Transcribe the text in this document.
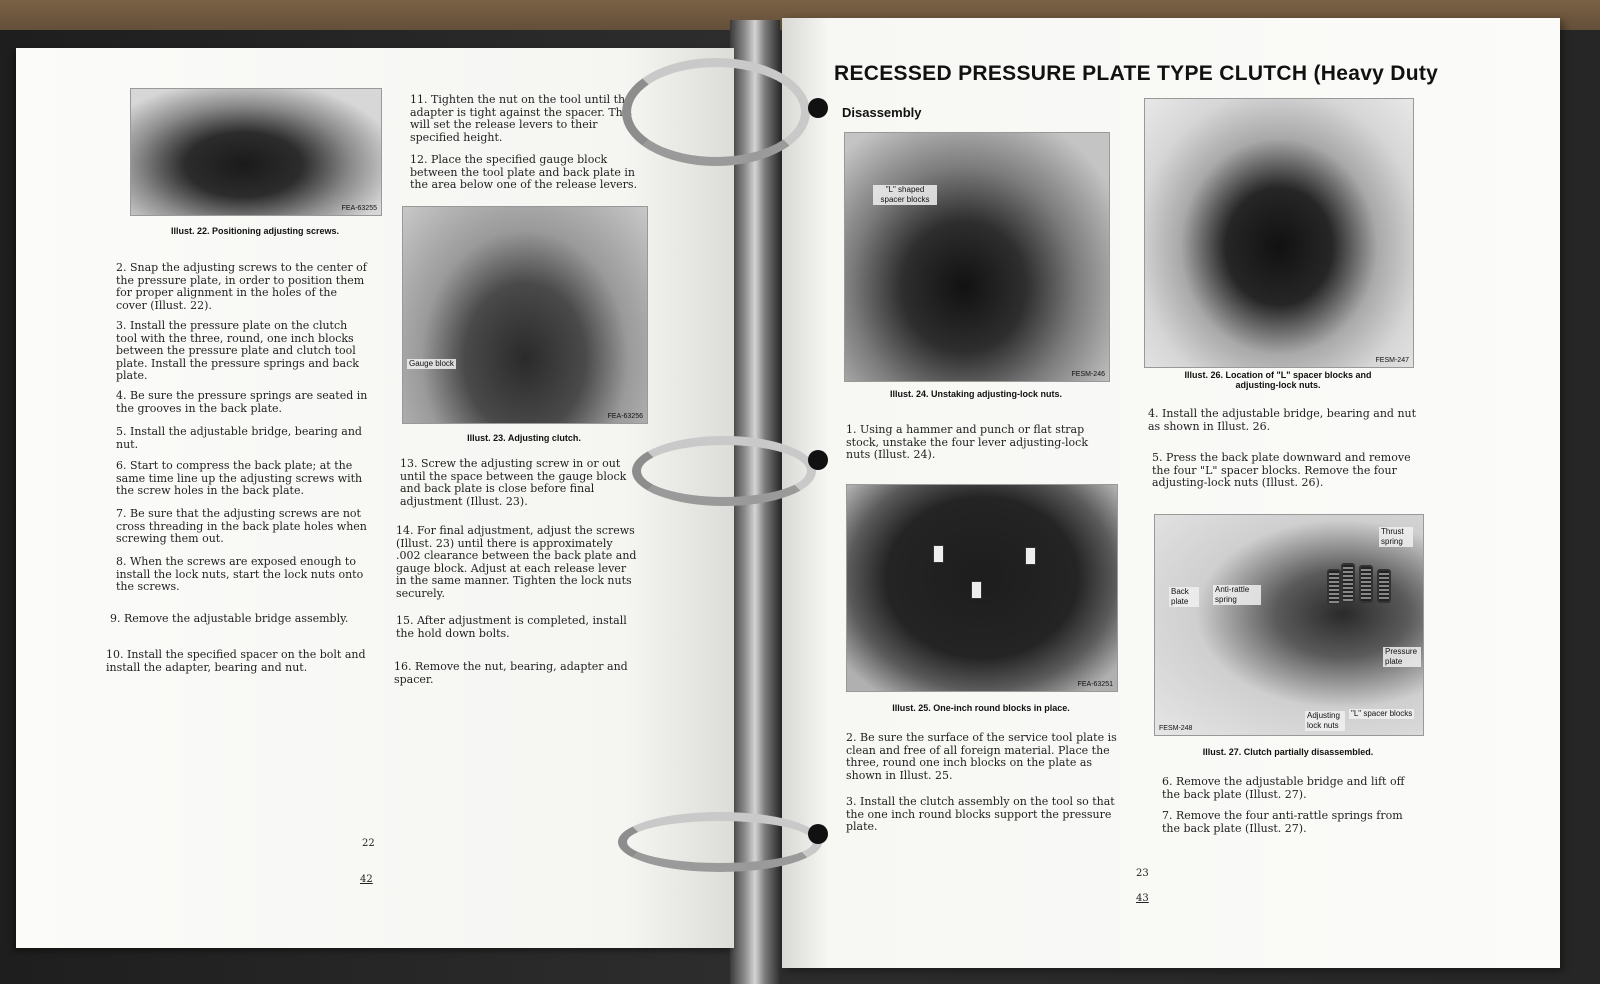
FEA-63255
Illust. 22. Positioning adjusting screws.
2. Snap the adjusting screws to the center of the pressure plate, in order to position them for proper alignment in the holes of the cover (Illust. 22).
3. Install the pressure plate on the clutch tool with the three, round, one inch blocks between the pressure plate and clutch tool plate. Install the pressure springs and back plate.
4. Be sure the pressure springs are seated in the grooves in the back plate.
5. Install the adjustable bridge, bearing and nut.
6. Start to compress the back plate; at the same time line up the adjusting screws with the screw holes in the back plate.
7. Be sure that the adjusting screws are not cross threading in the back plate holes when screwing them out.
8. When the screws are exposed enough to install the lock nuts, start the lock nuts onto the screws.
9. Remove the adjustable bridge assembly.
10. Install the specified spacer on the bolt and install the adapter, bearing and nut.
11. Tighten the nut on the tool until the adapter is tight against the spacer. This will set the release levers to their specified height.
12. Place the specified gauge block between the tool plate and back plate in the area below one of the release levers.
Gauge block
FEA-63256
Illust. 23. Adjusting clutch.
13. Screw the adjusting screw in or out until the space between the gauge block and back plate is close before final adjustment (Illust. 23).
14. For final adjustment, adjust the screws (Illust. 23) until there is approximately .002 clearance between the back plate and gauge block. Adjust at each release lever in the same manner. Tighten the lock nuts securely.
15. After adjustment is completed, install the hold down bolts.
16. Remove the nut, bearing, adapter and spacer.
22
42
RECESSED PRESSURE PLATE TYPE CLUTCH (Heavy Duty
Disassembly
"L" shaped spacer blocks
FESM-246
Illust. 24. Unstaking adjusting-lock nuts.
1. Using a hammer and punch or flat strap stock, unstake the four lever adjusting-lock nuts (Illust. 24).
FEA-63251
Illust. 25. One-inch round blocks in place.
2. Be sure the surface of the service tool plate is clean and free of all foreign material. Place the three, round one inch blocks on the plate as shown in Illust. 25.
3. Install the clutch assembly on the tool so that the one inch round blocks support the pressure plate.
FESM-247
Illust. 26. Location of "L" spacer blocks and adjusting-lock nuts.
4. Install the adjustable bridge, bearing and nut as shown in Illust. 26.
5. Press the back plate downward and remove the four "L" spacer blocks. Remove the four adjusting-lock nuts (Illust. 26).
Back plate
Anti-rattle spring
Thrust spring
Pressure plate
Adjusting lock nuts
"L" spacer blocks
FESM-248
Illust. 27. Clutch partially disassembled.
6. Remove the adjustable bridge and lift off the back plate (Illust. 27).
7. Remove the four anti-rattle springs from the back plate (Illust. 27).
23
43
